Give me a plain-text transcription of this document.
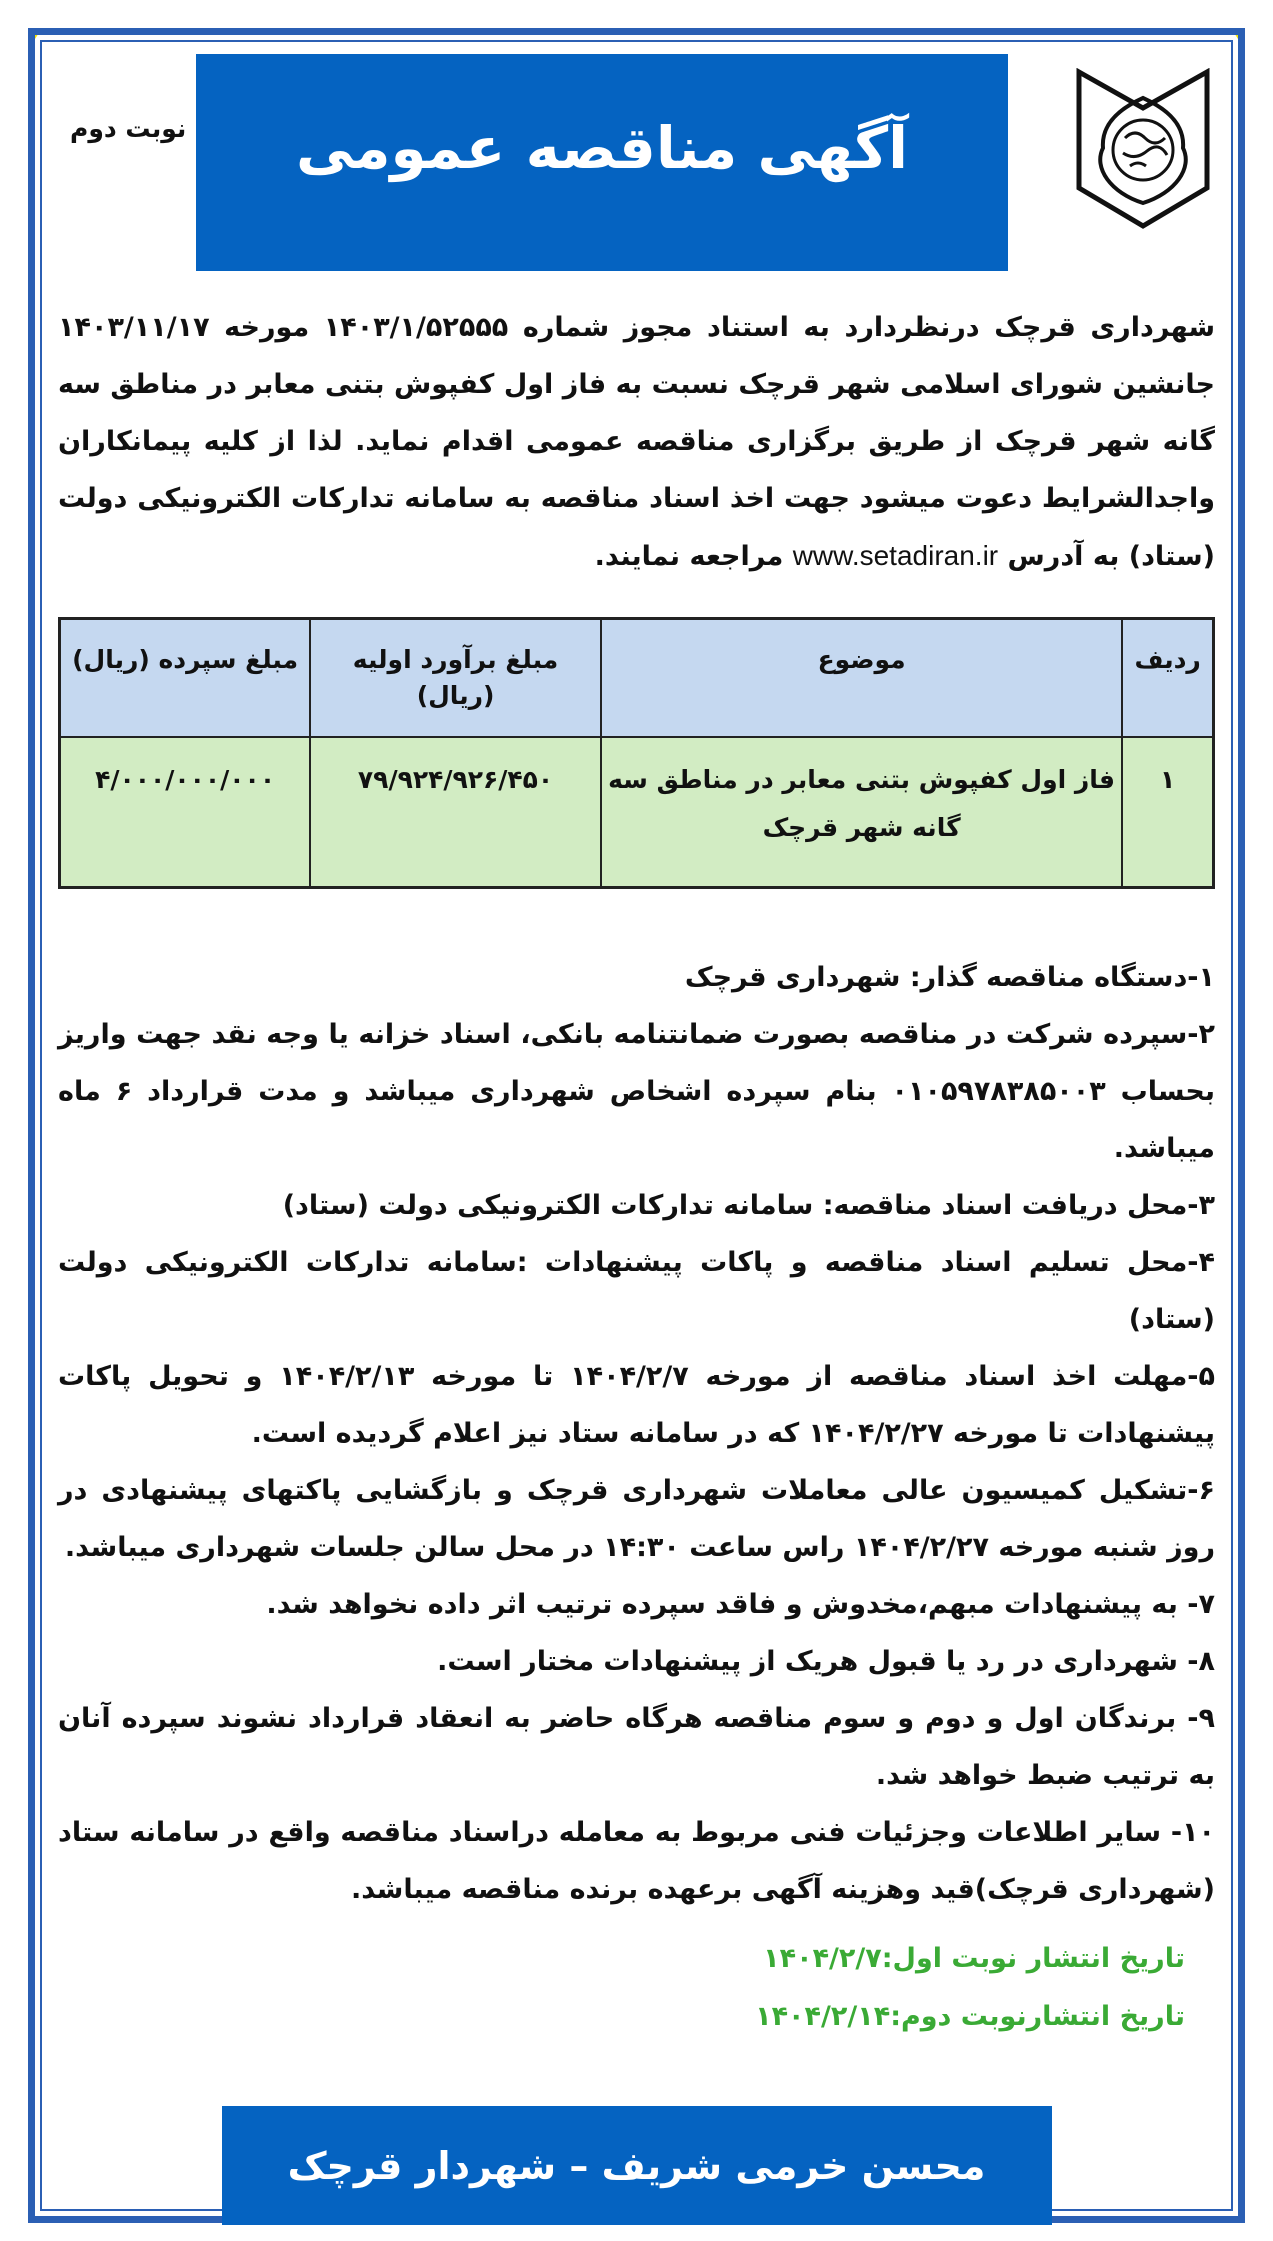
آگهی مناقصه عمومی
نوبت دوم
شهرداری قرچک درنظردارد به استناد مجوز شماره ۱۴۰۳/۱/۵۲۵۵۵ مورخه ۱۴۰۳/۱۱/۱۷ جانشین شورای اسلامی شهر قرچک نسبت به فاز اول کفپوش بتنی معابر در مناطق سه گانه شهر قرچک از طریق برگزاری مناقصه عمومی اقدام نماید. لذا از کلیه پیمانکاران واجدالشرایط دعوت میشود جهت اخذ اسناد مناقصه به سامانه تدارکات الکترونیکی دولت (ستاد) به آدرس www.setadiran.ir مراجعه نمایند.
ردیف	موضوع	مبلغ برآورد اولیه (ریال)	مبلغ سپرده (ریال)
۱	فاز اول کفپوش بتنی معابر در مناطق سه گانه شهر قرچک	۷۹/۹۲۴/۹۲۶/۴۵۰	۴/۰۰۰/۰۰۰/۰۰۰

۱-دستگاه مناقصه گذار: شهرداری قرچک

۲-سپرده شرکت در مناقصه بصورت ضمانتنامه بانکی، اسناد خزانه یا وجه نقد جهت واریز بحساب ۰۱۰۵۹۷۸۳۸۵۰۰۳ بنام سپرده اشخاص شهرداری میباشد و مدت قرارداد ۶ ماه میباشد.

۳-محل دریافت اسناد مناقصه: سامانه تدارکات الکترونیکی دولت (ستاد)

۴-محل تسلیم اسناد مناقصه و پاکات پیشنهادات :سامانه تدارکات الکترونیکی دولت (ستاد)

۵-مهلت اخذ اسناد مناقصه از مورخه ۱۴۰۴/۲/۷ تا مورخه ۱۴۰۴/۲/۱۳ و تحویل پاکات پیشنهادات تا مورخه ۱۴۰۴/۲/۲۷ که در سامانه ستاد نیز اعلام گردیده است.

۶-تشکیل کمیسیون عالی معاملات شهرداری قرچک و بازگشایی پاکتهای پیشنهادی در روز شنبه مورخه ۱۴۰۴/۲/۲۷ راس ساعت ۱۴:۳۰ در محل سالن جلسات شهرداری میباشد.

۷- به پیشنهادات مبهم،مخدوش و فاقد سپرده ترتیب اثر داده نخواهد شد.

۸- شهرداری در رد یا قبول هریک از پیشنهادات مختار است.

۹- برندگان اول و دوم و سوم مناقصه هرگاه حاضر به انعقاد قرارداد نشوند سپرده آنان به ترتیب ضبط خواهد شد.

۱۰- سایر اطلاعات وجزئیات فنی مربوط به معامله دراسناد مناقصه واقع در سامانه ستاد (شهرداری قرچک)قید وهزینه آگهی برعهده برنده مناقصه میباشد.

تاریخ انتشار نوبت اول:۱۴۰۴/۲/۷
تاریخ انتشارنوبت دوم:۱۴۰۴/۲/۱۴
محسن خرمی شریف – شهردار قرچک
